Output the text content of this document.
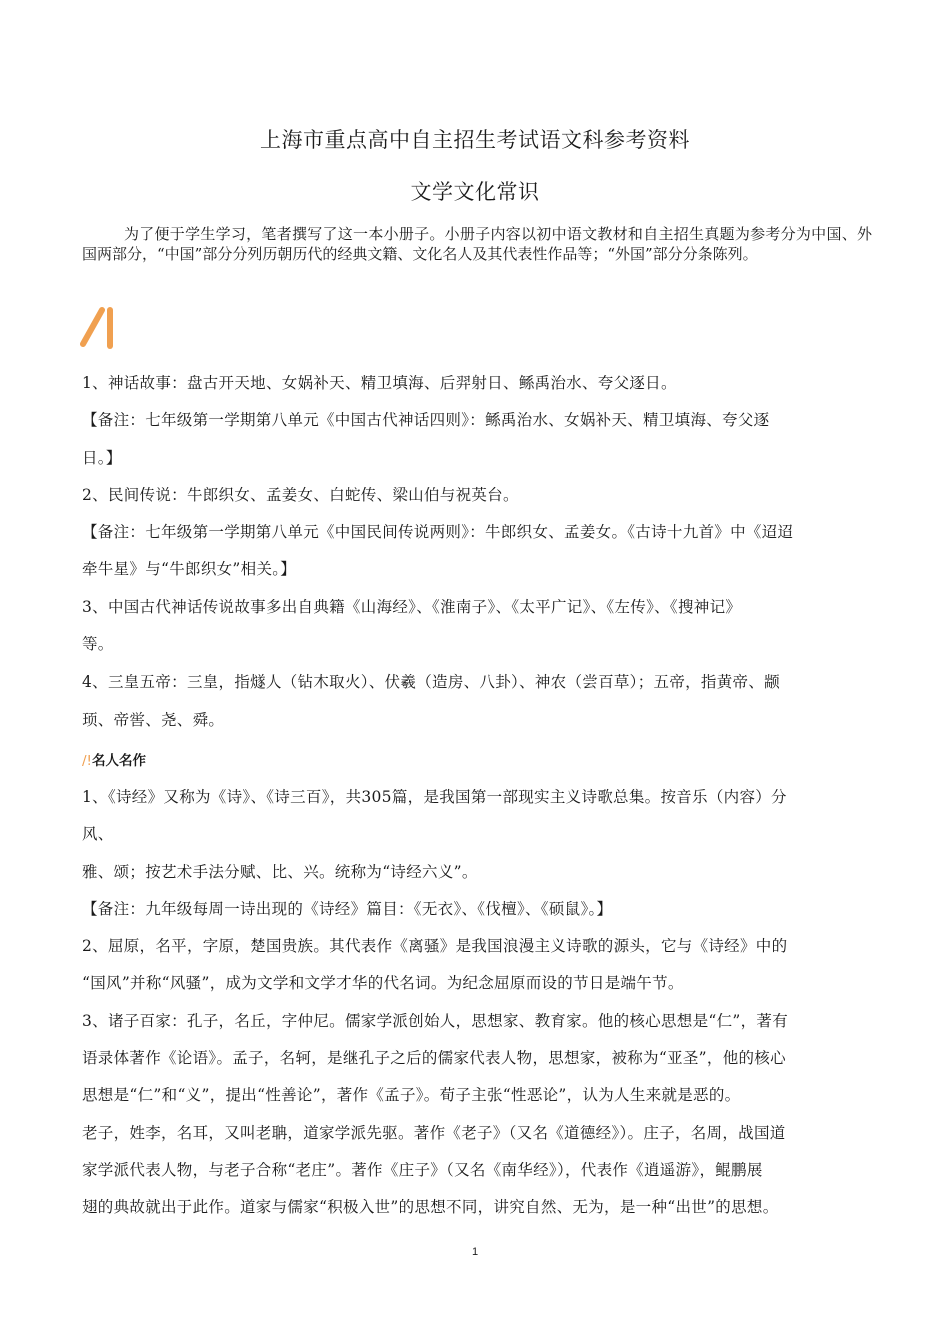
上海市重点高中自主招生考试语文科参考资料
文学文化常识
为了便于学生学习，笔者撰写了这一本小册子。小册子内容以初中语文教材和自主招生真题为参考分为中国、外国两部分，“中国”部分分列历朝历代的经典文籍、文化名人及其代表性作品等；“外国”部分分条陈列。
1、神话故事：盘古开天地、女娲补天、精卫填海、后羿射日、鲧禹治水、夸父逐日。
【备注：七年级第一学期第八单元《中国古代神话四则》：鲧禹治水、女娲补天、精卫填海、夸父逐
日。】
2、民间传说：牛郎织女、孟姜女、白蛇传、梁山伯与祝英台。
【备注：七年级第一学期第八单元《中国民间传说两则》：牛郎织女、孟姜女。《古诗十九首》中《迢迢
牵牛星》与“牛郎织女”相关。】
3、中国古代神话传说故事多出自典籍《山海经》、《淮南子》、《太平广记》、《左传》、《搜神记》
等。
4、三皇五帝：三皇，指燧人（钻木取火）、伏羲（造房、八卦）、神农（尝百草）；五帝，指黄帝、颛
顼、帝喾、尧、舜。
/!名人名作
1、《诗经》又称为《诗》、《诗三百》，共305篇，是我国第一部现实主义诗歌总集。按音乐（内容）分
风、
雅、颂；按艺术手法分赋、比、兴。统称为“诗经六义”。
【备注：九年级每周一诗出现的《诗经》篇目：《无衣》、《伐檀》、《硕鼠》。】
2、屈原，名平，字原，楚国贵族。其代表作《离骚》是我国浪漫主义诗歌的源头，它与《诗经》中的
“国风”并称“风骚”，成为文学和文学才华的代名词。为纪念屈原而设的节日是端午节。
3、诸子百家：孔子，名丘，字仲尼。儒家学派创始人，思想家、教育家。他的核心思想是“仁”，著有
语录体著作《论语》。孟子，名轲，是继孔子之后的儒家代表人物，思想家，被称为“亚圣”，他的核心
思想是“仁”和“义”，提出“性善论”，著作《孟子》。荀子主张“性恶论”，认为人生来就是恶的。
老子，姓李，名耳，又叫老聃，道家学派先驱。著作《老子》（又名《道德经》）。庄子，名周，战国道
家学派代表人物，与老子合称“老庄”。著作《庄子》（又名《南华经》），代表作《逍遥游》，鲲鹏展
翅的典故就出于此作。道家与儒家“积极入世”的思想不同，讲究自然、无为，是一种“出世”的思想。
1
